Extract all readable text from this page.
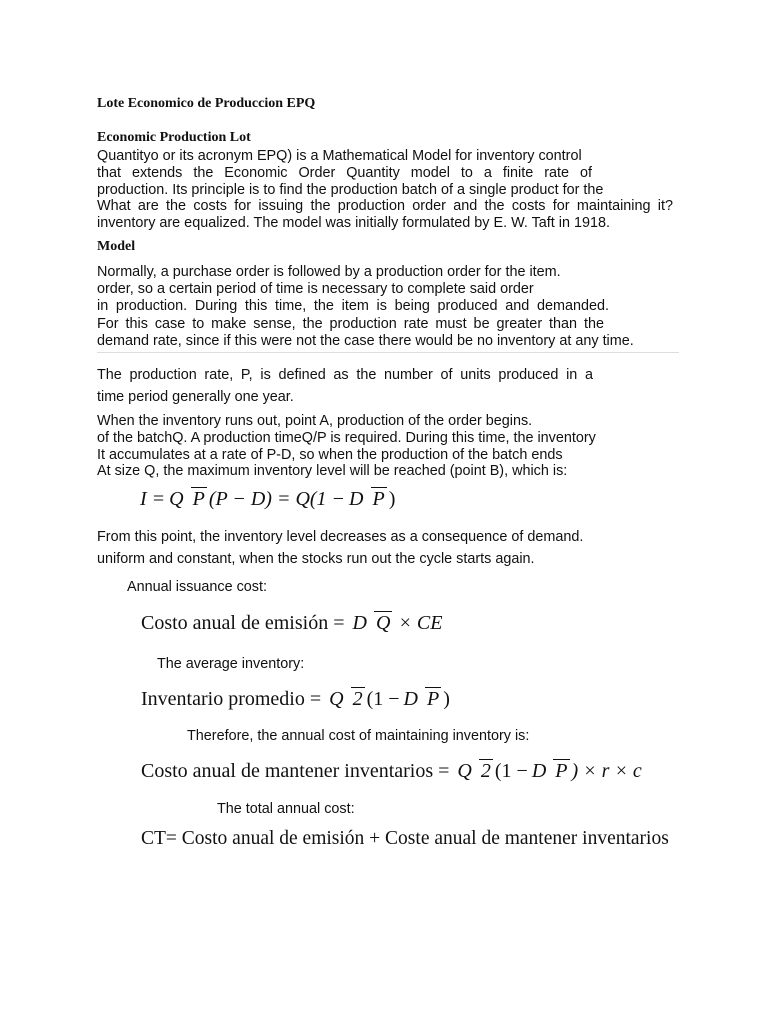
Lote Economico de Produccion EPQ
Economic Production Lot
Quantityo or its acronym EPQ) is a Mathematical Model for inventory control
that extends the Economic Order Quantity model to a finite rate of
production. Its principle is to find the production batch of a single product for the
What are the costs for issuing the production order and the costs for maintaining it?
inventory are equalized. The model was initially formulated by E. W. Taft in 1918.
Model
Normally, a purchase order is followed by a production order for the item.
order, so a certain period of time is necessary to complete said order
in production. During this time, the item is being produced and demanded.
For this case to make sense, the production rate must be greater than the
demand rate, since if this were not the case there would be no inventory at any time.
The production rate, P, is defined as the number of units produced in a
time period generally one year.
When the inventory runs out, point A, production of the order begins.
of the batchQ. A production timeQ/P is required. During this time, the inventory
It accumulates at a rate of P-D, so when the production of the batch ends
At size Q, the maximum inventory level will be reached (point B), which is:
I = Q P (P − D) = Q(1 − D P )
From this point, the inventory level decreases as a consequence of demand.
uniform and constant, when the stocks run out the cycle starts again.
Annual issuance cost:
Costo anual de emisión = D Q × CE
The average inventory:
Inventario promedio = Q 2 (1 − D P )
Therefore, the annual cost of maintaining inventory is:
Costo anual de mantener inventarios = Q 2 (1 − D P ) × r × c
The total annual cost:
CT= Costo anual de emisión + Coste anual de mantener inventarios
